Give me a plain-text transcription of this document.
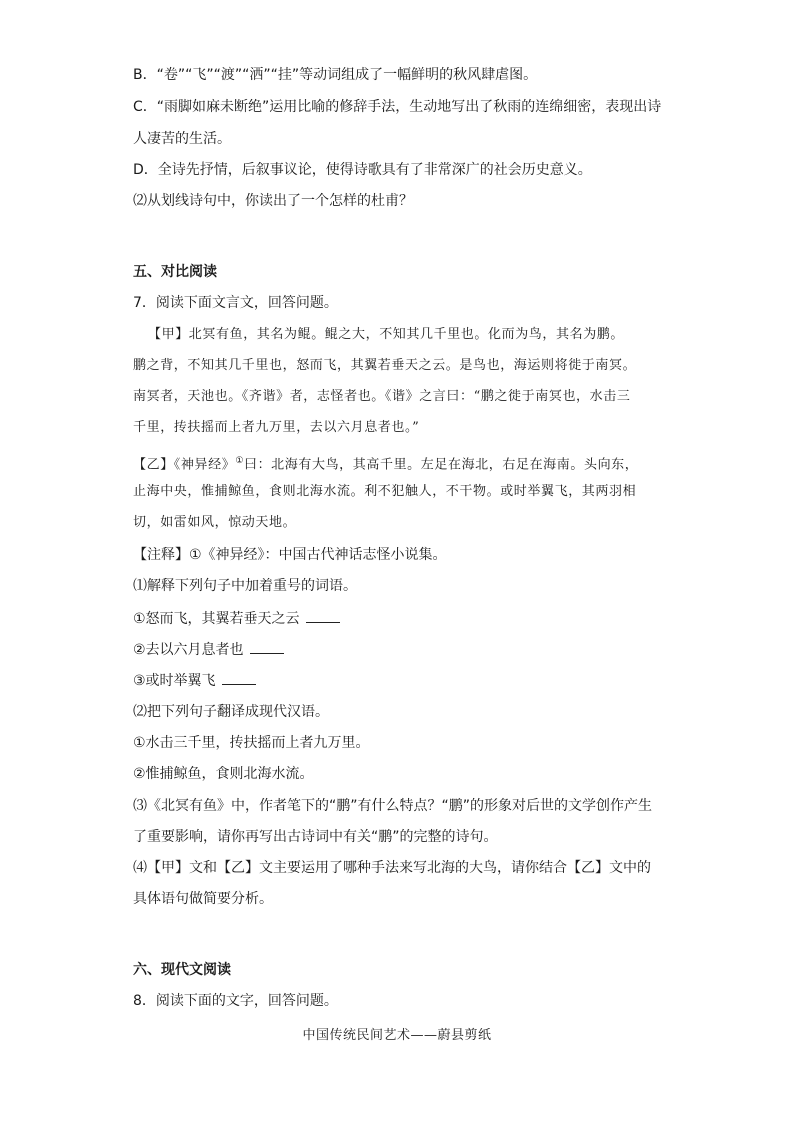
B．“卷”“飞”“渡”“洒”“挂”等动词组成了一幅鲜明的秋风肆虐图。
C．“雨脚如麻未断绝”运用比喻的修辞手法，生动地写出了秋雨的连绵细密，表现出诗
人凄苦的生活。
D．全诗先抒情，后叙事议论，使得诗歌具有了非常深广的社会历史意义。
⑵从划线诗句中，你读出了一个怎样的杜甫？
五、对比阅读
7．阅读下面文言文，回答问题。
【甲】北冥有鱼，其名为鲲。鲲之大，不知其几千里也。化而为鸟，其名为鹏。
鹏之背，不知其几千里也，怒而飞，其翼若垂天之云。是鸟也，海运则将徙于南冥。
南冥者，天池也。《齐谐》者，志怪者也。《谐》之言曰：“鹏之徙于南冥也，水击三
千里，抟扶摇而上者九万里，去以六月息者也。”
【乙】《神异经》①曰：北海有大鸟，其高千里。左足在海北，右足在海南。头向东，
止海中央，惟捕鲸鱼，食则北海水流。利不犯触人，不干物。或时举翼飞，其两羽相
切，如雷如风，惊动天地。
【注释】①《神异经》：中国古代神话志怪小说集。
⑴解释下列句子中加着重号的词语。
①怒而飞，其翼若垂天之云
②去以六月息者也
③或时举翼飞
⑵把下列句子翻译成现代汉语。
①水击三千里，抟扶摇而上者九万里。
②惟捕鲸鱼，食则北海水流。
⑶《北冥有鱼》中，作者笔下的“鹏”有什么特点？“鹏”的形象对后世的文学创作产生
了重要影响，请你再写出古诗词中有关“鹏”的完整的诗句。
⑷【甲】文和【乙】文主要运用了哪种手法来写北海的大鸟，请你结合【乙】文中的
具体语句做简要分析。
六、现代文阅读
8．阅读下面的文字，回答问题。
中国传统民间艺术——蔚县剪纸
